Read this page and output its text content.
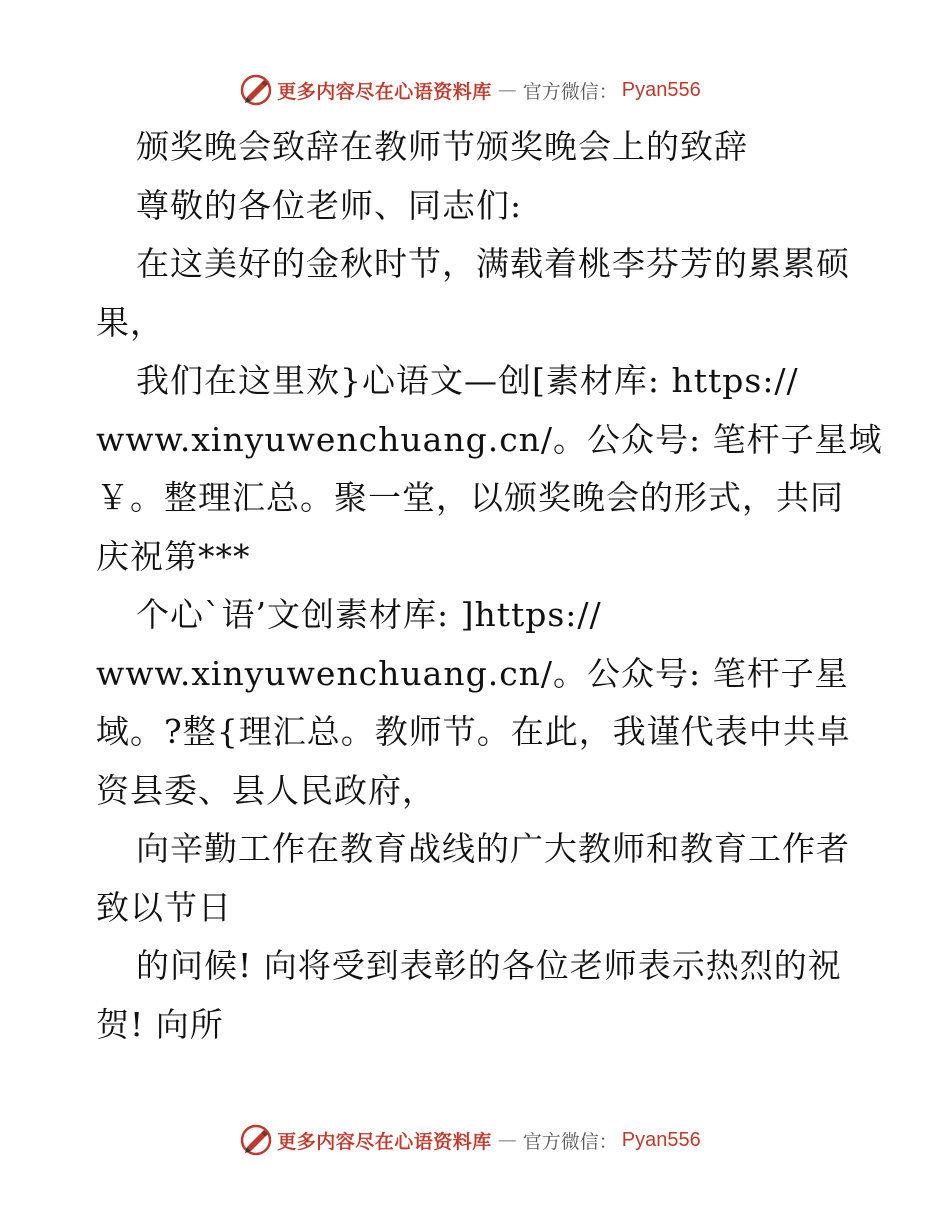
更多内容尽在心语资料库 — 官方微信： Pyan556
颁奖晚会致辞在教师节颁奖晚会上的致辞
尊敬的各位老师、同志们:
在这美好的金秋时节，满载着桃李芬芳的累累硕
果，
我们在这里欢}心语文—创[素材库: https://
www.xinyuwenchuang.cn/。公众号: 笔杆子星域
￥。整理汇总。聚一堂，以颁奖晚会的形式，共同
庆祝第***
个心`语’文创素材库: ]https://
www.xinyuwenchuang.cn/。公众号: 笔杆子星
域。?整{理汇总。教师节。在此，我谨代表中共卓
资县委、县人民政府，
向辛勤工作在教育战线的广大教师和教育工作者
致以节日
的问候! 向将受到表彰的各位老师表示热烈的祝
贺! 向所
更多内容尽在心语资料库 — 官方微信： Pyan556
